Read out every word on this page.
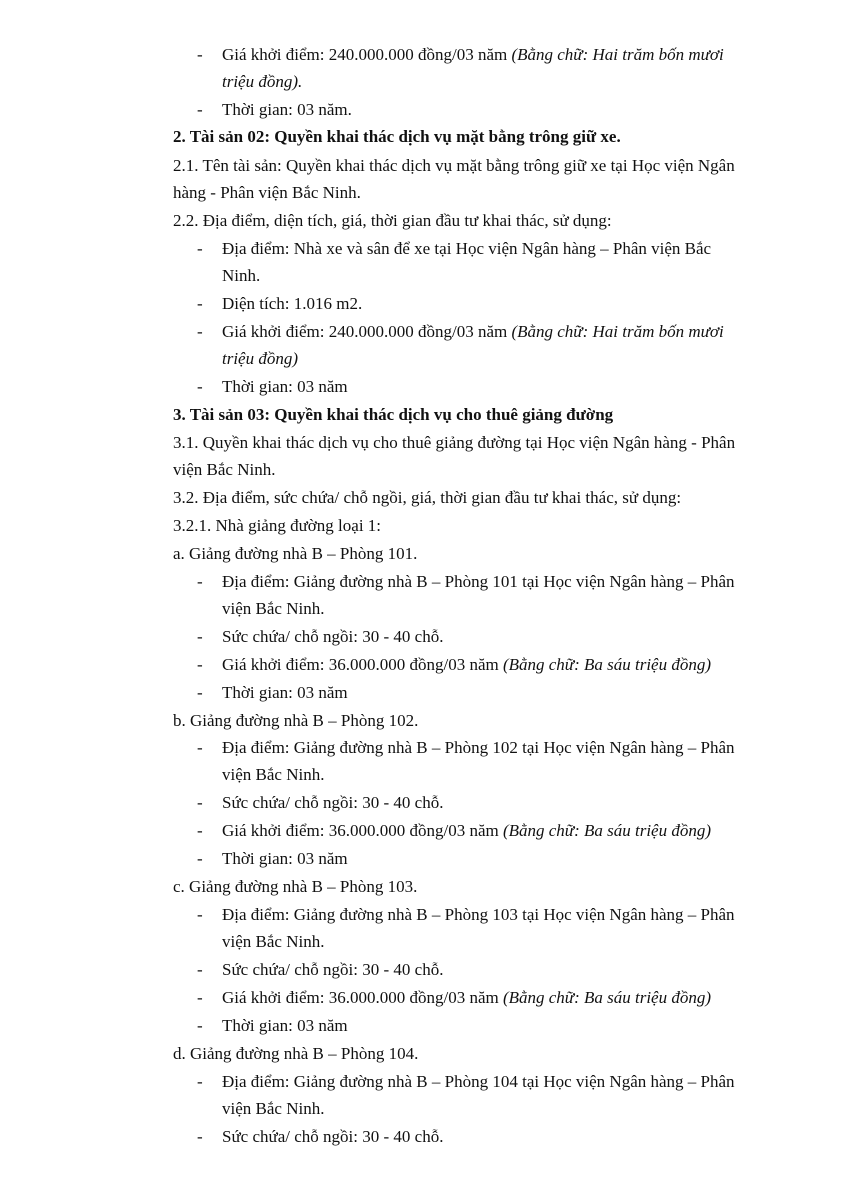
- Giá khởi điểm: 240.000.000 đồng/03 năm (Bằng chữ: Hai trăm bốn mươi
triệu đồng).
- Thời gian: 03 năm.
2. Tài sản 02: Quyền khai thác dịch vụ mặt bằng trông giữ xe.
2.1. Tên tài sản: Quyền khai thác dịch vụ mặt bằng trông giữ xe tại Học viện Ngân
hàng - Phân viện Bắc Ninh.
2.2. Địa điểm, diện tích, giá, thời gian đầu tư khai thác, sử dụng:
- Địa điểm: Nhà xe và sân để xe tại Học viện Ngân hàng – Phân viện Bắc
Ninh.
- Diện tích: 1.016 m2.
- Giá khởi điểm: 240.000.000 đồng/03 năm (Bằng chữ: Hai trăm bốn mươi
triệu đồng)
- Thời gian: 03 năm
3. Tài sản 03: Quyền khai thác dịch vụ cho thuê giảng đường
3.1. Quyền khai thác dịch vụ cho thuê giảng đường tại Học viện Ngân hàng - Phân
viện Bắc Ninh.
3.2. Địa điểm, sức chứa/ chỗ ngồi, giá, thời gian đầu tư khai thác, sử dụng:
3.2.1. Nhà giảng đường loại 1:
a. Giảng đường nhà B – Phòng 101.
- Địa điểm: Giảng đường nhà B – Phòng 101 tại Học viện Ngân hàng – Phân
viện Bắc Ninh.
- Sức chứa/ chỗ ngồi: 30 - 40 chỗ.
- Giá khởi điểm: 36.000.000 đồng/03 năm (Bằng chữ: Ba sáu triệu đồng)
- Thời gian: 03 năm
b. Giảng đường nhà B – Phòng 102.
- Địa điểm: Giảng đường nhà B – Phòng 102 tại Học viện Ngân hàng – Phân
viện Bắc Ninh.
- Sức chứa/ chỗ ngồi: 30 - 40 chỗ.
- Giá khởi điểm: 36.000.000 đồng/03 năm (Bằng chữ: Ba sáu triệu đồng)
- Thời gian: 03 năm
c. Giảng đường nhà B – Phòng 103.
- Địa điểm: Giảng đường nhà B – Phòng 103 tại Học viện Ngân hàng – Phân
viện Bắc Ninh.
- Sức chứa/ chỗ ngồi: 30 - 40 chỗ.
- Giá khởi điểm: 36.000.000 đồng/03 năm (Bằng chữ: Ba sáu triệu đồng)
- Thời gian: 03 năm
d. Giảng đường nhà B – Phòng 104.
- Địa điểm: Giảng đường nhà B – Phòng 104 tại Học viện Ngân hàng – Phân
viện Bắc Ninh.
- Sức chứa/ chỗ ngồi: 30 - 40 chỗ.
